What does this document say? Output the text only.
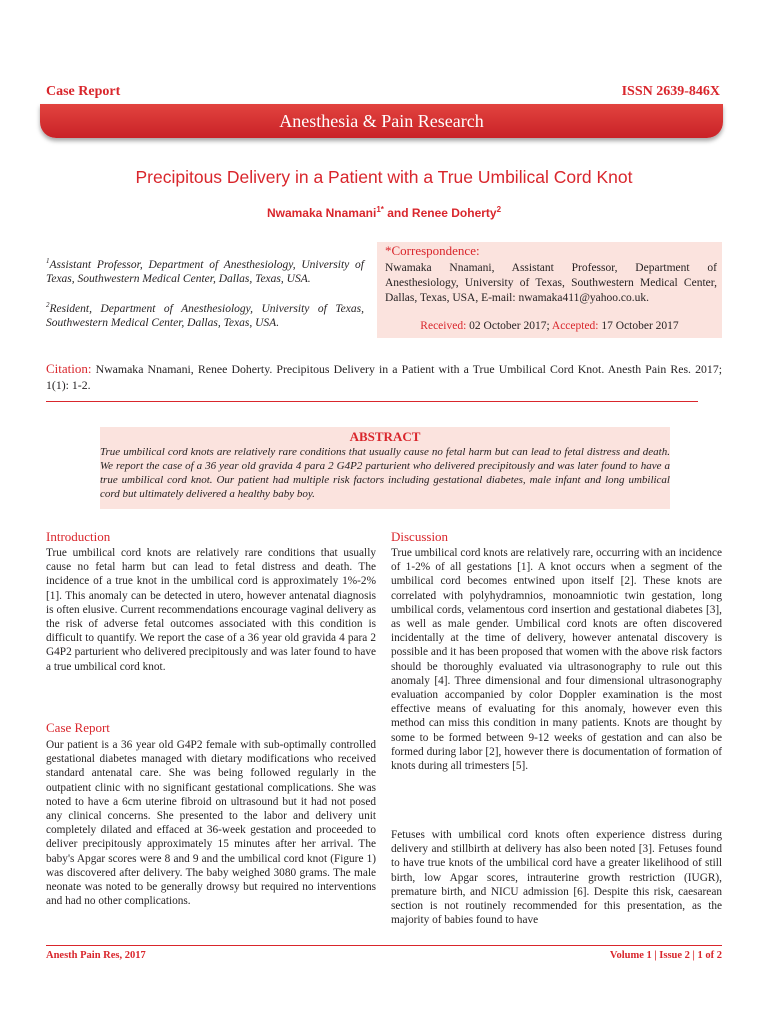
Case Report	ISSN 2639-846X
Anesthesia & Pain Research
Precipitous Delivery in a Patient with a True Umbilical Cord Knot
Nwamaka Nnamani$^{1*}$ and Renee Doherty$^2$
$^1$Assistant Professor, Department of Anesthesiology, University of Texas, Southwestern Medical Center, Dallas, Texas, USA.
$^2$Resident, Department of Anesthesiology, University of Texas, Southwestern Medical Center, Dallas, Texas, USA.
*Correspondence:
Nwamaka Nnamani, Assistant Professor, Department of Anesthesiology, University of Texas, Southwestern Medical Center, Dallas, Texas, USA, E-mail: nwamaka411@yahoo.co.uk.
Received: 02 October 2017; Accepted: 17 October 2017
Citation: Nwamaka Nnamani, Renee Doherty. Precipitous Delivery in a Patient with a True Umbilical Cord Knot. Anesth Pain Res. 2017; 1(1): 1-2.
ABSTRACT
True umbilical cord knots are relatively rare conditions that usually cause no fetal harm but can lead to fetal distress and death. We report the case of a 36 year old gravida 4 para 2 G4P2 parturient who delivered precipitously and was later found to have a true umbilical cord knot. Our patient had multiple risk factors including gestational diabetes, male infant and long umbilical cord but ultimately delivered a healthy baby boy.
Introduction
True umbilical cord knots are relatively rare conditions that usually cause no fetal harm but can lead to fetal distress and death. The incidence of a true knot in the umbilical cord is approximately 1%-2% [1]. This anomaly can be detected in utero, however antenatal diagnosis is often elusive. Current recommendations encourage vaginal delivery as the risk of adverse fetal outcomes associated with this condition is difficult to quantify. We report the case of a 36 year old gravida 4 para 2 G4P2 parturient who delivered precipitously and was later found to have a true umbilical cord knot.
Case Report
Our patient is a 36 year old G4P2 female with sub-optimally controlled gestational diabetes managed with dietary modifications who received standard antenatal care. She was being followed regularly in the outpatient clinic with no significant gestational complications. She was noted to have a 6cm uterine fibroid on ultrasound but it had not posed any clinical concerns. She presented to the labor and delivery unit completely dilated and effaced at 36-week gestation and proceeded to deliver precipitously approximately 15 minutes after her arrival. The baby's Apgar scores were 8 and 9 and the umbilical cord knot (Figure 1) was discovered after delivery. The baby weighed 3080 grams. The male neonate was noted to be generally drowsy but required no interventions and had no other complications.
Discussion
True umbilical cord knots are relatively rare, occurring with an incidence of 1-2% of all gestations [1]. A knot occurs when a segment of the umbilical cord becomes entwined upon itself [2]. These knots are correlated with polyhydramnios, monoamniotic twin gestation, long umbilical cords, velamentous cord insertion and gestational diabetes [3], as well as male gender. Umbilical cord knots are often discovered incidentally at the time of delivery, however antenatal discovery is possible and it has been proposed that women with the above risk factors should be thoroughly evaluated via ultrasonography to rule out this anomaly [4]. Three dimensional and four dimensional ultrasonography evaluation accompanied by color Doppler examination is the most effective means of evaluating for this anomaly, however even this method can miss this condition in many patients. Knots are thought by some to be formed between 9-12 weeks of gestation and can also be formed during labor [2], however there is documentation of formation of knots during all trimesters [5].
Fetuses with umbilical cord knots often experience distress during delivery and stillbirth at delivery has also been noted [3]. Fetuses found to have true knots of the umbilical cord have a greater likelihood of still birth, low Apgar scores, intrauterine growth restriction (IUGR), premature birth, and NICU admission [6]. Despite this risk, caesarean section is not routinely recommended for this presentation, as the majority of babies found to have
Anesth Pain Res, 2017	Volume 1 | Issue 2 | 1 of 2
